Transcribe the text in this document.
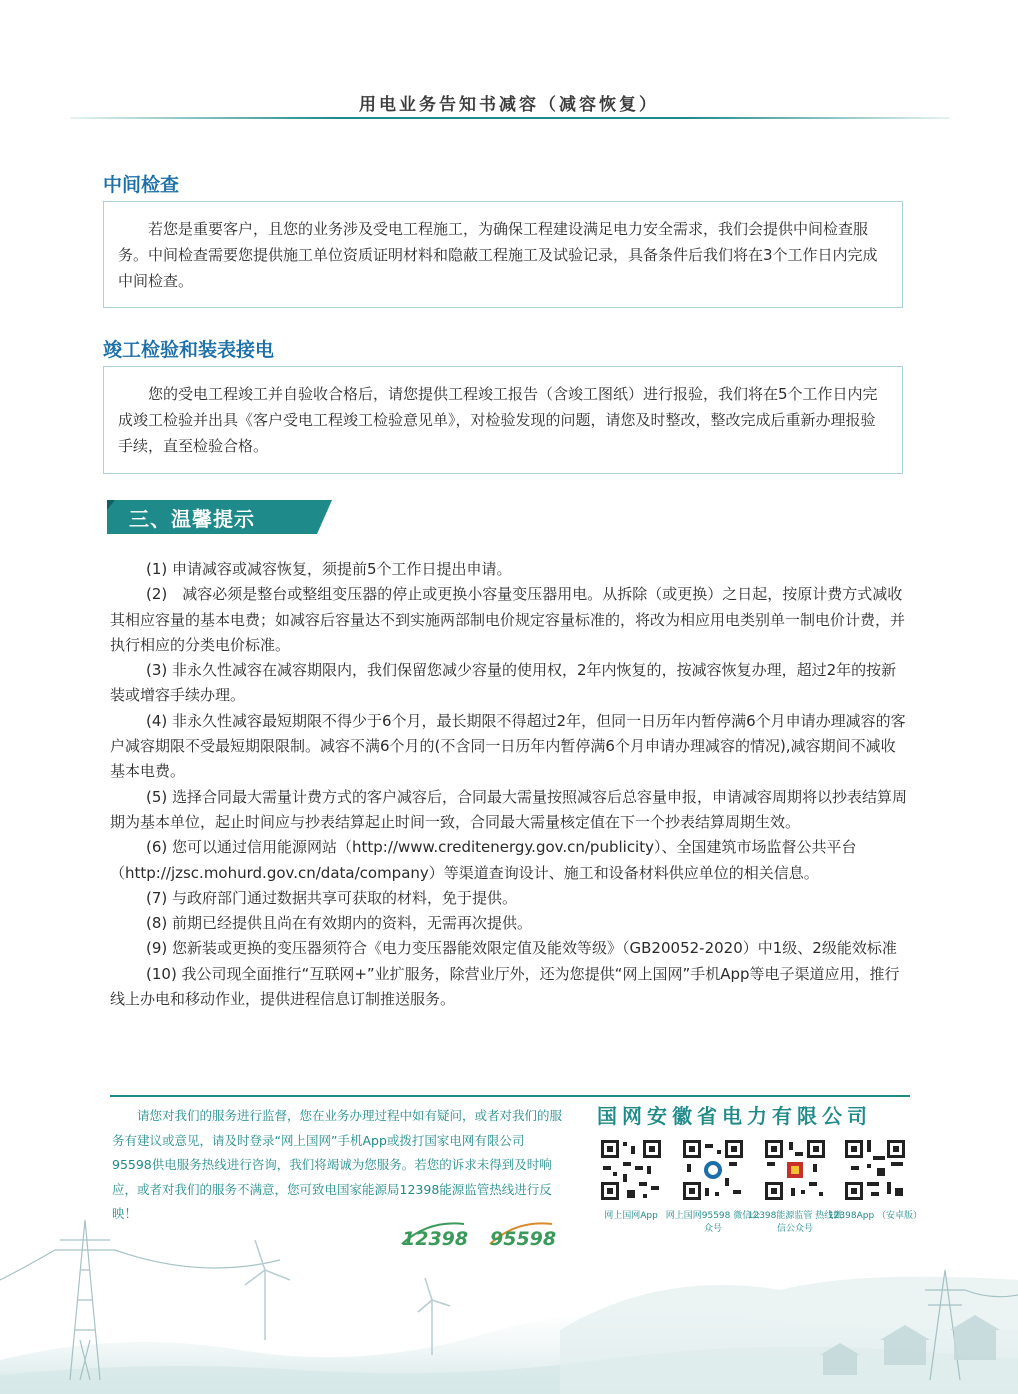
用电业务告知书减容（减容恢复）
中间检查
若您是重要客户，且您的业务涉及受电工程施工，为确保工程建设满足电力安全需求，我们会提供中间检查服务。中间检查需要您提供施工单位资质证明材料和隐蔽工程施工及试验记录，具备条件后我们将在3个工作日内完成中间检查。
竣工检验和装表接电
您的受电工程竣工并自验收合格后，请您提供工程竣工报告（含竣工图纸）进行报验，我们将在5个工作日内完成竣工检验并出具《客户受电工程竣工检验意见单》，对检验发现的问题，请您及时整改，整改完成后重新办理报验手续，直至检验合格。
三、温馨提示

(1) 申请减容或减容恢复，须提前5个工作日提出申请。

(2)　减容必须是整台或整组变压器的停止或更换小容量变压器用电。从拆除（或更换）之日起，按原计费方式减收其相应容量的基本电费；如减容后容量达不到实施两部制电价规定容量标准的，将改为相应用电类别单一制电价计费，并执行相应的分类电价标准。

(3) 非永久性减容在减容期限内，我们保留您减少容量的使用权，2年内恢复的，按减容恢复办理，超过2年的按新装或增容手续办理。

(4) 非永久性减容最短期限不得少于6个月，最长期限不得超过2年，但同一日历年内暂停满6个月申请办理减容的客户减容期限不受最短期限限制。减容不满6个月的(不含同一日历年内暂停满6个月申请办理减容的情况),减容期间不减收基本电费。

(5) 选择合同最大需量计费方式的客户减容后，合同最大需量按照减容后总容量申报，申请减容周期将以抄表结算周期为基本单位，起止时间应与抄表结算起止时间一致，合同最大需量核定值在下一个抄表结算周期生效。

(6) 您可以通过信用能源网站（http://www.creditenergy.gov.cn/publicity）、全国建筑市场监督公共平台（http://jzsc.mohurd.gov.cn/data/company）等渠道查询设计、施工和设备材料供应单位的相关信息。

(7) 与政府部门通过数据共享可获取的材料，免于提供。

(8) 前期已经提供且尚在有效期内的资料，无需再次提供。

(9) 您新装或更换的变压器须符合《电力变压器能效限定值及能效等级》（GB20052-2020）中1级、2级能效标准

(10) 我公司现全面推行“互联网+”业扩服务，除营业厅外，还为您提供“网上国网”手机App等电子渠道应用，推行线上办电和移动作业，提供进程信息订制推送服务。

请您对我们的服务进行监督，您在业务办理过程中如有疑问，或者对我们的服务有建议或意见，请及时登录“网上国网”手机App或拨打国家电网有限公司95598供电服务热线进行咨询，我们将竭诚为您服务。若您的诉求未得到及时响应，或者对我们的服务不满意，您可致电国家能源局12398能源监管热线进行反映！
国网安徽省电力有限公司
网上国网App 网上国网95598 微信公众号
12398能源监管 热线微信公众号
12398App （安卓版）
12398 95598
